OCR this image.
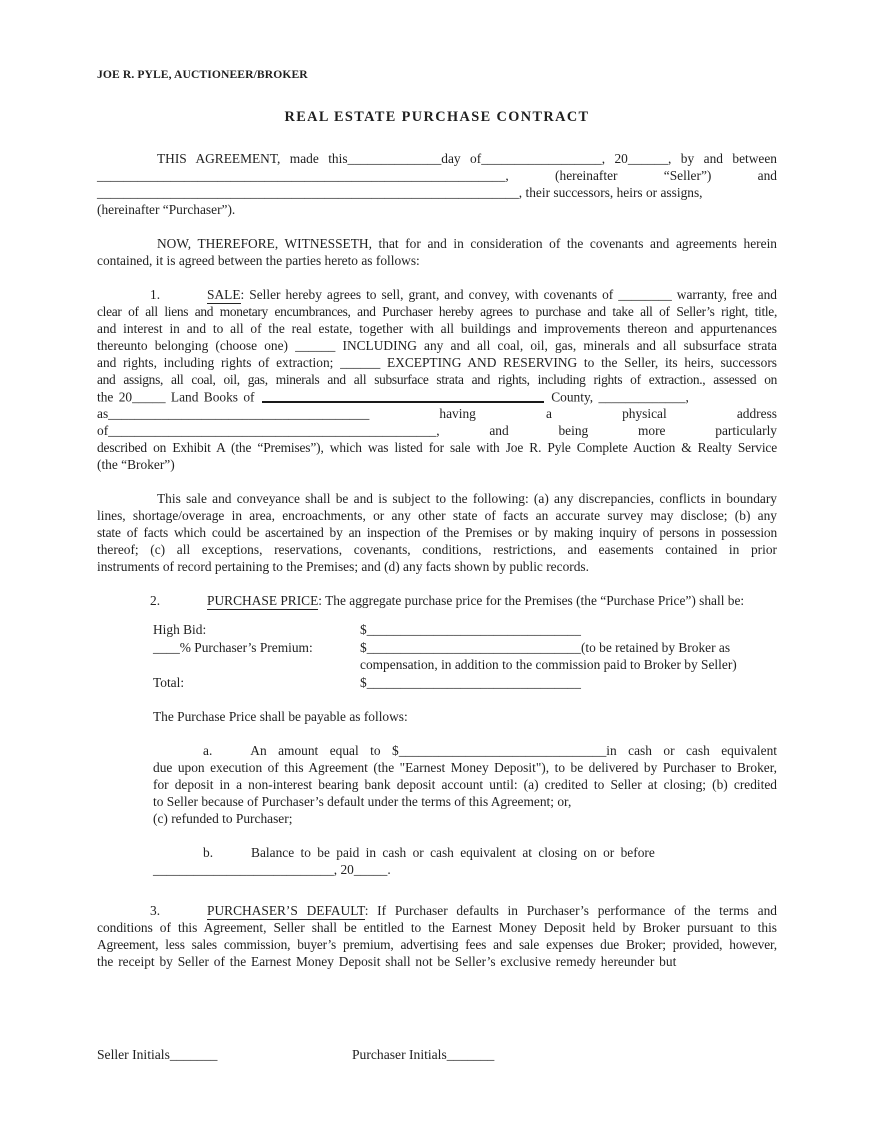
JOE R. PYLE, AUCTIONEER/BROKER
REAL ESTATE PURCHASE CONTRACT
THIS AGREEMENT, made this______________day of__________________, 20______, by and between
_____________________________________________________________, (hereinafter “Seller”) and
_______________________________________________________________, their successors, heirs or assigns,
(hereinafter “Purchaser”).
NOW, THEREFORE, WITNESSETH, that for and in consideration of the covenants and agreements herein
contained, it is agreed between the parties hereto as follows:
1.	SALE: Seller hereby agrees to sell, grant, and convey, with covenants of ________ warranty, free and
clear of all liens and monetary encumbrances, and Purchaser hereby agrees to purchase and take all of Seller’s right, title,
and interest in and to all of the real estate, together with all buildings and improvements thereon and appurtenances
thereunto belonging (choose one) ______ INCLUDING any and all coal, oil, gas, minerals and all subsurface strata
and rights, including rights of extraction; ______ EXCEPTING AND RESERVING to the Seller, its heirs, successors
and assigns, all coal, oil, gas, minerals and all subsurface strata and rights, including rights of extraction., assessed on
the 20_____ Land Books of	County, _____________,
as_______________________________________ having a physical address
of_________________________________________________, and being more particularly
described on Exhibit A (the “Premises”), which was listed for sale with Joe R. Pyle Complete Auction & Realty Service
(the “Broker”)
This sale and conveyance shall be and is subject to the following: (a) any discrepancies, conflicts in boundary
lines, shortage/overage in area, encroachments, or any other state of facts an accurate survey may disclose; (b) any
state of facts which could be ascertained by an inspection of the Premises or by making inquiry of persons in possession
thereof; (c) all exceptions, reservations, covenants, conditions, restrictions, and easements contained in prior
instruments of record pertaining to the Premises; and (d) any facts shown by public records.
2.	PURCHASE PRICE: The aggregate purchase price for the Premises (the “Purchase Price”) shall be:
High Bid:	$________________________________
____% Purchaser’s Premium:	$________________________________(to be retained by Broker as
compensation, in addition to the commission paid to Broker by Seller)
Total:	$________________________________
The Purchase Price shall be payable as follows:
a.	An amount equal to $_______________________________in cash or cash equivalent
due upon execution of this Agreement (the "Earnest Money Deposit"), to be delivered by Purchaser to Broker,
for deposit in a non-interest bearing bank deposit account until: (a) credited to Seller at closing; (b) credited
to Seller because of Purchaser’s default under the terms of this Agreement; or,
(c) refunded to Purchaser;
b.	Balance to be paid in cash or cash equivalent at closing on or before
___________________________, 20_____.
3.	PURCHASER’S DEFAULT: If Purchaser defaults in Purchaser’s performance of the terms and
conditions of this Agreement, Seller shall be entitled to the Earnest Money Deposit held by Broker pursuant to this
Agreement, less sales commission, buyer’s premium, advertising fees and sale expenses due Broker; provided, however,
the receipt by Seller of the Earnest Money Deposit shall not be Seller’s exclusive remedy hereunder but
Seller Initials_______	Purchaser Initials_______
